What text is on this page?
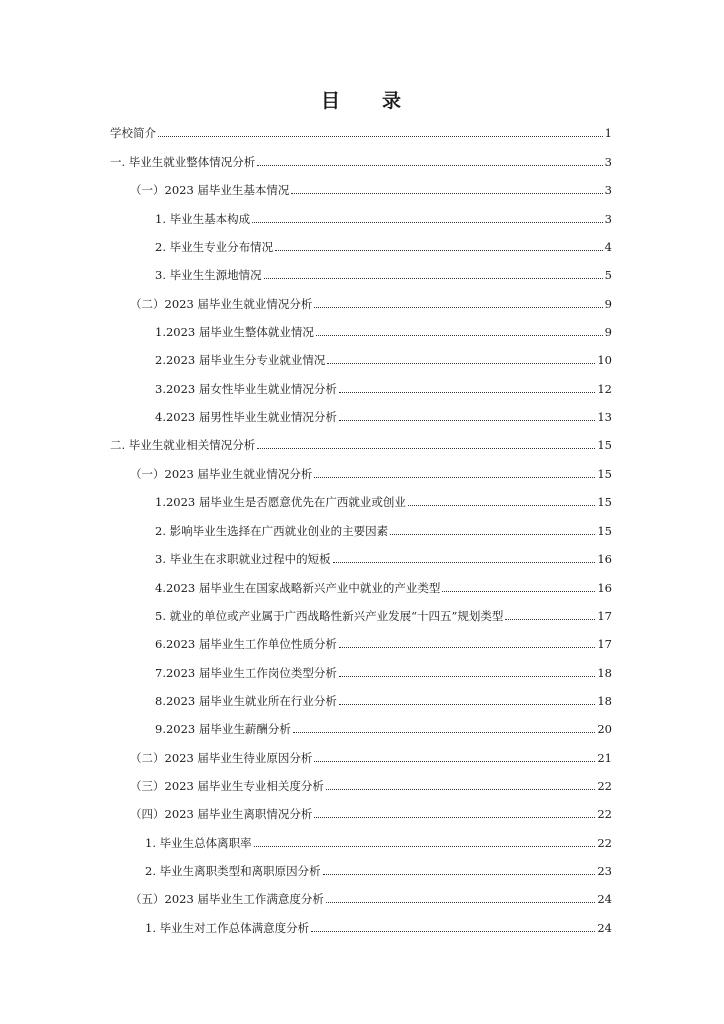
目 录
学校简介	1
一. 毕业生就业整体情况分析	3
（一）2023 届毕业生基本情况	3
1. 毕业生基本构成	3
2. 毕业生专业分布情况	4
3. 毕业生生源地情况	5
（二）2023 届毕业生就业情况分析	9
1.2023 届毕业生整体就业情况	9
2.2023 届毕业生分专业就业情况	10
3.2023 届女性毕业生就业情况分析	12
4.2023 届男性毕业生就业情况分析	13
二. 毕业生就业相关情况分析	15
（一）2023 届毕业生就业情况分析	15
1.2023 届毕业生是否愿意优先在广西就业或创业	15
2. 影响毕业生选择在广西就业创业的主要因素	15
3. 毕业生在求职就业过程中的短板	16
4.2023 届毕业生在国家战略新兴产业中就业的产业类型	16
5. 就业的单位或产业属于广西战略性新兴产业发展“十四五”规划类型	17
6.2023 届毕业生工作单位性质分析	17
7.2023 届毕业生工作岗位类型分析	18
8.2023 届毕业生就业所在行业分析	18
9.2023 届毕业生薪酬分析	20
（二）2023 届毕业生待业原因分析	21
（三）2023 届毕业生专业相关度分析	22
（四）2023 届毕业生离职情况分析	22
1. 毕业生总体离职率	22
2. 毕业生离职类型和离职原因分析	23
（五）2023 届毕业生工作满意度分析	24
1. 毕业生对工作总体满意度分析	24
